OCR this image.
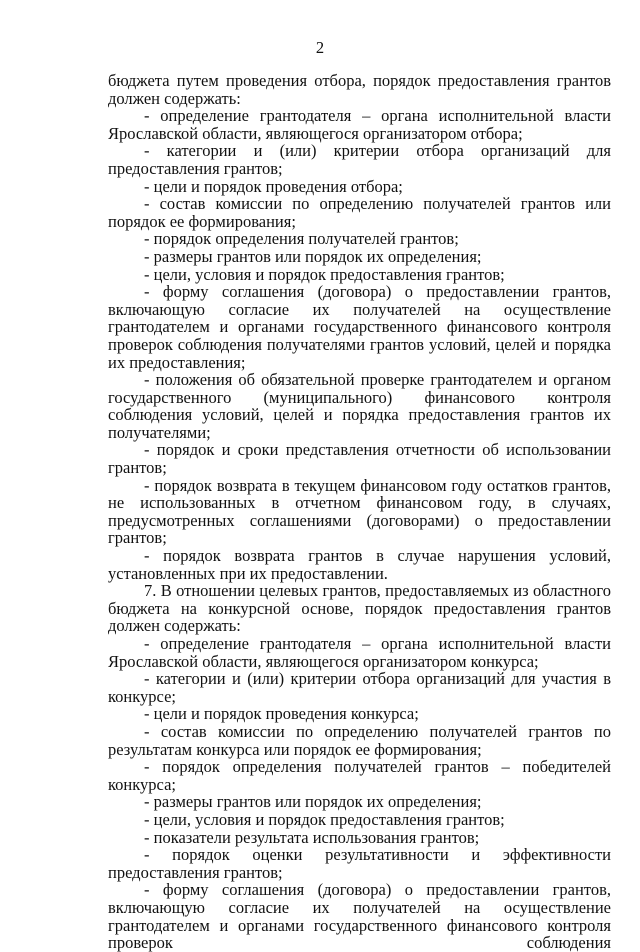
2

бюджета путем проведения отбора, порядок предоставления грантов должен содержать:

- определение грантодателя – органа исполнительной власти Ярославской области, являющегося организатором отбора;

- категории и (или) критерии отбора организаций для предоставления грантов;

- цели и порядок проведения отбора;

- состав комиссии по определению получателей грантов или порядок ее формирования;

- порядок определения получателей грантов;

- размеры грантов или порядок их определения;

- цели, условия и порядок предоставления грантов;

- форму соглашения (договора) о предоставлении грантов, включающую согласие их получателей на осуществление грантодателем и органами государственного финансового контроля проверок соблюдения получателями грантов условий, целей и порядка их предоставления;

- положения об обязательной проверке грантодателем и органом государственного (муниципального) финансового контроля соблюдения условий, целей и порядка предоставления грантов их получателями;

- порядок и сроки представления отчетности об использовании грантов;

- порядок возврата в текущем финансовом году остатков грантов, не использованных в отчетном финансовом году, в случаях, предусмотренных соглашениями (договорами) о предоставлении грантов;

- порядок возврата грантов в случае нарушения условий, установленных при их предоставлении.

7. В отношении целевых грантов, предоставляемых из областного бюджета на конкурсной основе, порядок предоставления грантов должен содержать:

- определение грантодателя – органа исполнительной власти Ярославской области, являющегося организатором конкурса;

- категории и (или) критерии отбора организаций для участия в конкурсе;

- цели и порядок проведения конкурса;

- состав комиссии по определению получателей грантов по результатам конкурса или порядок ее формирования;

- порядок определения получателей грантов – победителей конкурса;

- размеры грантов или порядок их определения;

- цели, условия и порядок предоставления грантов;

- показатели результата использования грантов;

- порядок оценки результативности и эффективности предоставления грантов;

- форму соглашения (договора) о предоставлении грантов, включающую согласие их получателей на осуществление грантодателем и органами государственного финансового контроля проверок соблюдения
